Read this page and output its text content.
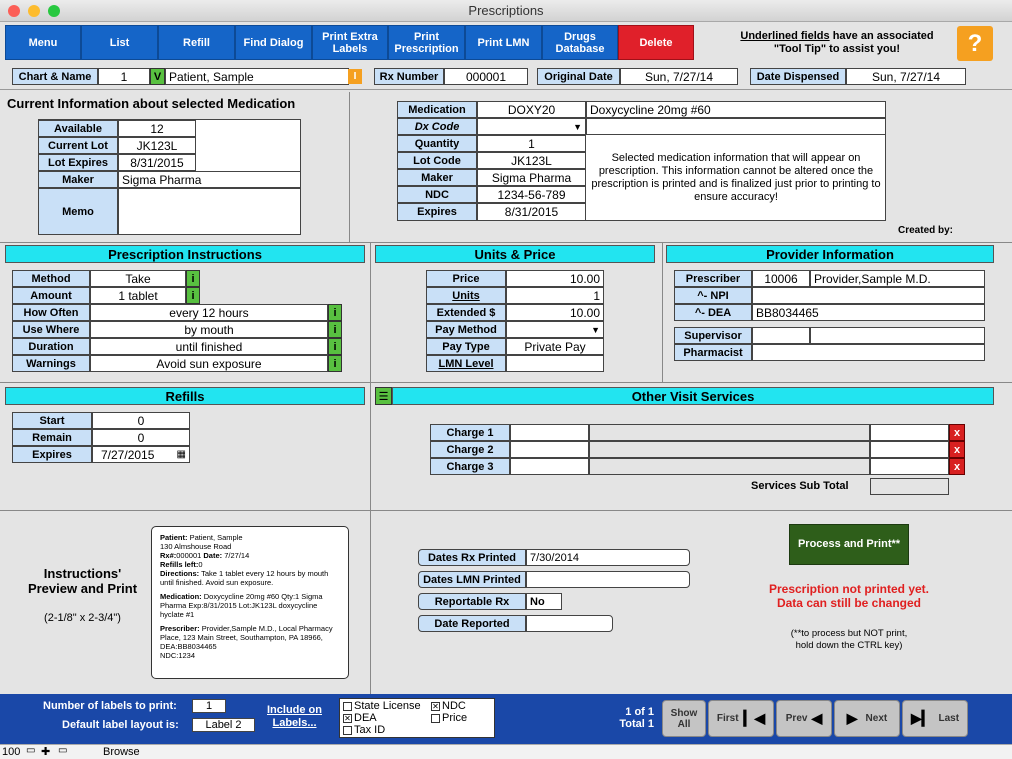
Prescriptions
Menu	List	Refill	Find Dialog	Print Extra Labels
Print Prescription	Print LMN	Drugs Database	Delete
Underlined fields have an associated
"Tool Tip" to assist you!	?
Chart & Name	1	V Patient, Sample	I	Rx Number	000001	Original Date	Sun, 7/27/14	Date Dispensed	Sun, 7/27/14
Current Information about selected Medication
Available	12
Current Lot	JK123L
Lot Expires	8/31/2015
Maker	Sigma Pharma
Memo
Medication	DOXY20	Doxycycline 20mg #60
Dx Code	▼
Quantity	1
Lot Code	JK123L
Maker	Sigma Pharma
NDC	1234-56-789
Expires	8/31/2015
Selected medication information that will appear on prescription. This information cannot be altered once the prescription is printed and is finalized just prior to printing to ensure accuracy!
Created by:
Prescription Instructions
Method	Take	i
Amount	1 tablet	i
How Often	every 12 hours	i
Use Where	by mouth	i
Duration	until finished	i
Warnings	Avoid sun exposure	i
Units & Price
Price	10.00
Units	1
Extended $	10.00
Pay Method	▼
Pay Type	Private Pay
LMN Level
Provider Information
Prescriber	10006	Provider,Sample M.D.
^- NPI
^- DEA	BB8034465
Supervisor
Pharmacist
Refills
Start	0
Remain	0
Expires	7/27/2015 ▦
☰	Other Visit Services
Charge 1	x
Charge 2	x
Charge 3	x
Services Sub Total
Instructions' Preview and Print
(2-1/8" x 2-3/4")
Patient: Patient, Sample
130 Almshouse Road
Rx#:000001 Date: 7/27/14
Refills left:0
Directions: Take 1 tablet every 12 hours by mouth until finished. Avoid sun exposure.
Medication: Doxycycline 20mg #60 Qty:1 Sigma Pharma Exp:8/31/2015 Lot:JK123L doxycycline hyclate #1
Prescriber: Provider,Sample M.D., Local Pharmacy Place, 123 Main Street, Southampton, PA 18966,
DEA:BB8034465
NDC:1234
Dates Rx Printed	7/30/2014
Dates LMN Printed
Reportable Rx	No
Date Reported
Process and Print**
Prescription not printed yet.
Data can still be changed
(**to process but NOT print,
hold down the CTRL key)
Number of labels to print:	1
Default label layout is:	Label 2
Include on
Labels...
State License ✕ NDC
✕ DEA	Price
Tax ID
1 of 1
Total 1
Show
All	First ▎◀ Prev ◀ ▶ Next ▶▎ Last
100 ▭ ✚ ▭	Browse
